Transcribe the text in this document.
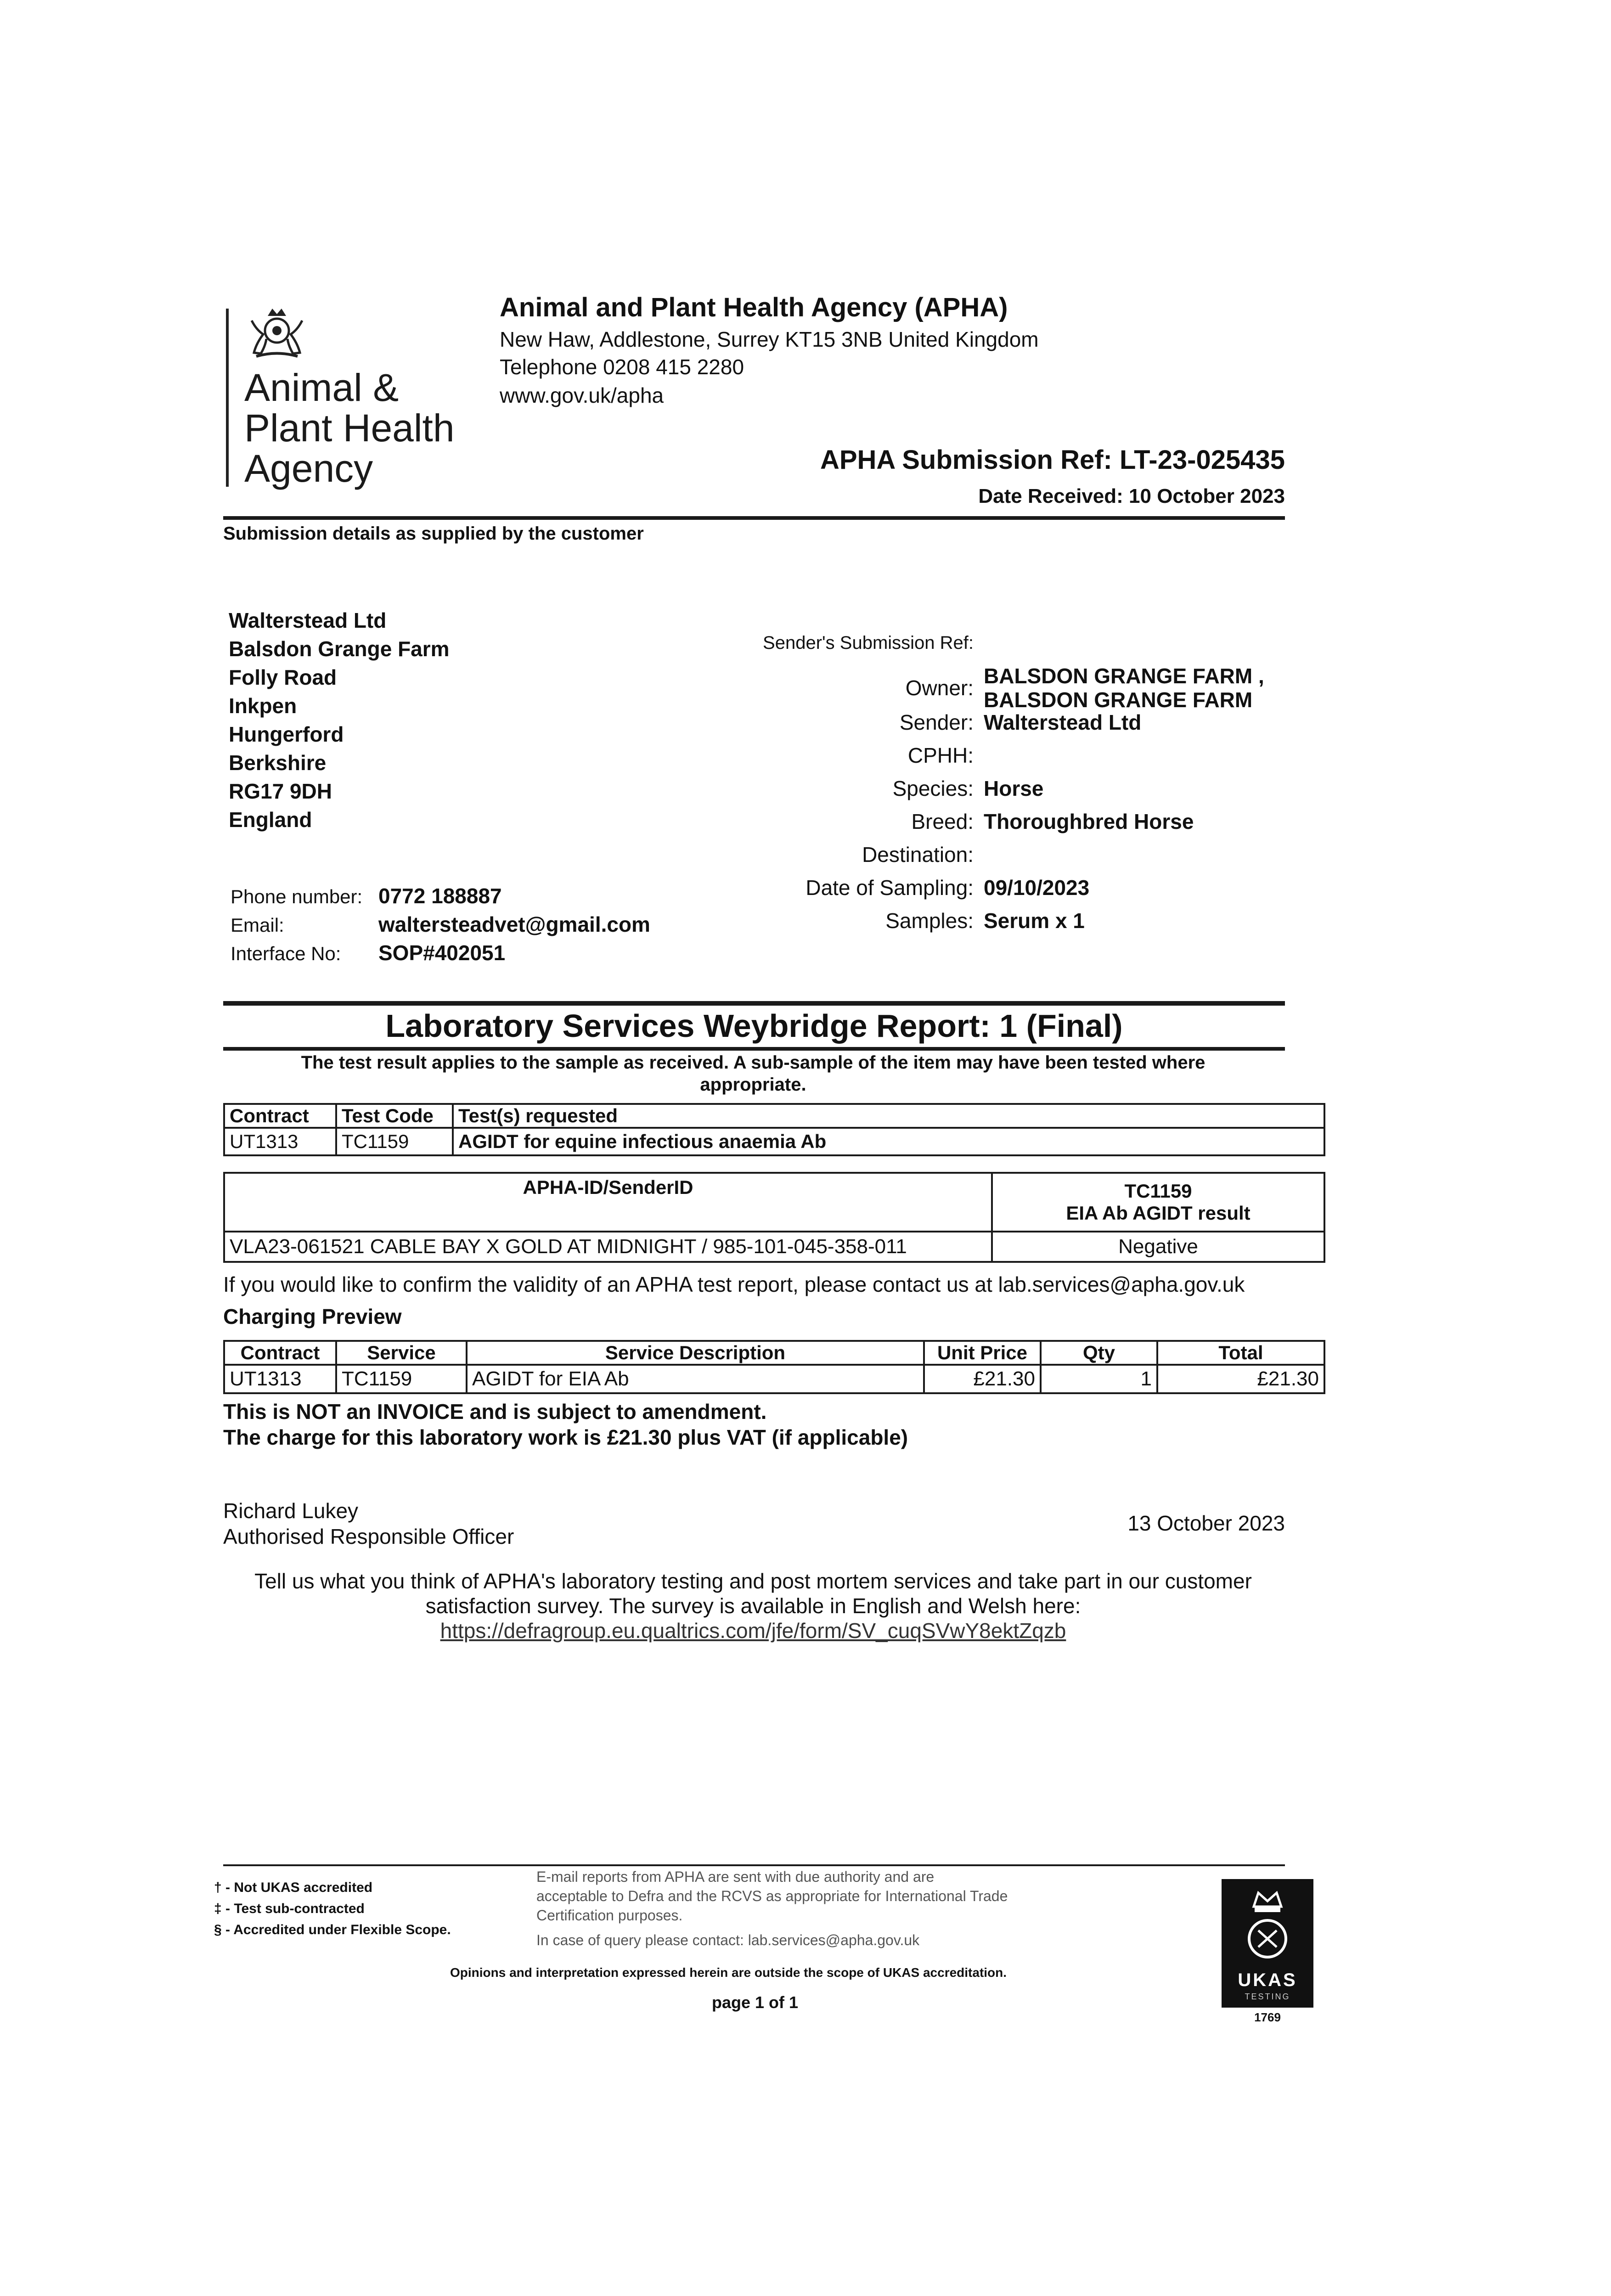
Animal &
Plant Health
Agency
Animal and Plant Health Agency (APHA)
New Haw, Addlestone, Surrey KT15 3NB United Kingdom
Telephone 0208 415 2280
www.gov.uk/apha
APHA Submission Ref: LT-23-025435
Date Received: 10 October 2023
Submission details as supplied by the customer
Walterstead Ltd
Balsdon Grange Farm
Folly Road
Inkpen
Hungerford
Berkshire
RG17 9DH
England
Phone number: 0772 188887
Email:	waltersteadvet@gmail.com
Interface No:	SOP#402051
Sender's Submission Ref:
Owner: BALSDON GRANGE FARM ,
BALSDON GRANGE FARM
Sender: Walterstead Ltd
CPHH:
Species: Horse
Breed: Thoroughbred Horse
Destination:
Date of Sampling: 09/10/2023
Samples: Serum x 1
Laboratory Services Weybridge Report: 1 (Final)
The test result applies to the sample as received. A sub-sample of the item may have been tested where appropriate.
Contract	Test Code	Test(s) requested
UT1313	TC1159	AGIDT for equine infectious anaemia Ab
APHA-ID/SenderID	TC1159
EIA Ab AGIDT result

VLA23-061521 CABLE BAY X GOLD AT MIDNIGHT / 985-101-045-358-011	Negative
If you would like to confirm the validity of an APHA test report, please contact us at lab.services@apha.gov.uk
Charging Preview
Contract	Service	Service Description	Unit Price	Qty	Total
UT1313	TC1159	AGIDT for EIA Ab	£21.30	1	£21.30
This is NOT an INVOICE and is subject to amendment.
The charge for this laboratory work is £21.30 plus VAT (if applicable)
Richard Lukey
Authorised Responsible Officer
13 October 2023
Tell us what you think of APHA's laboratory testing and post mortem services and take part in our customer
satisfaction survey. The survey is available in English and Welsh here:
https://defragroup.eu.qualtrics.com/jfe/form/SV_cuqSVwY8ektZqzb
† - Not UKAS accredited
‡ - Test sub-contracted
§ - Accredited under Flexible Scope.
E-mail reports from APHA are sent with due authority and are
acceptable to Defra and the RCVS as appropriate for International Trade
Certification purposes.
In case of query please contact: lab.services@apha.gov.uk
Opinions and interpretation expressed herein are outside the scope of UKAS accreditation.
page 1 of 1
UKAS
TESTING
1769
